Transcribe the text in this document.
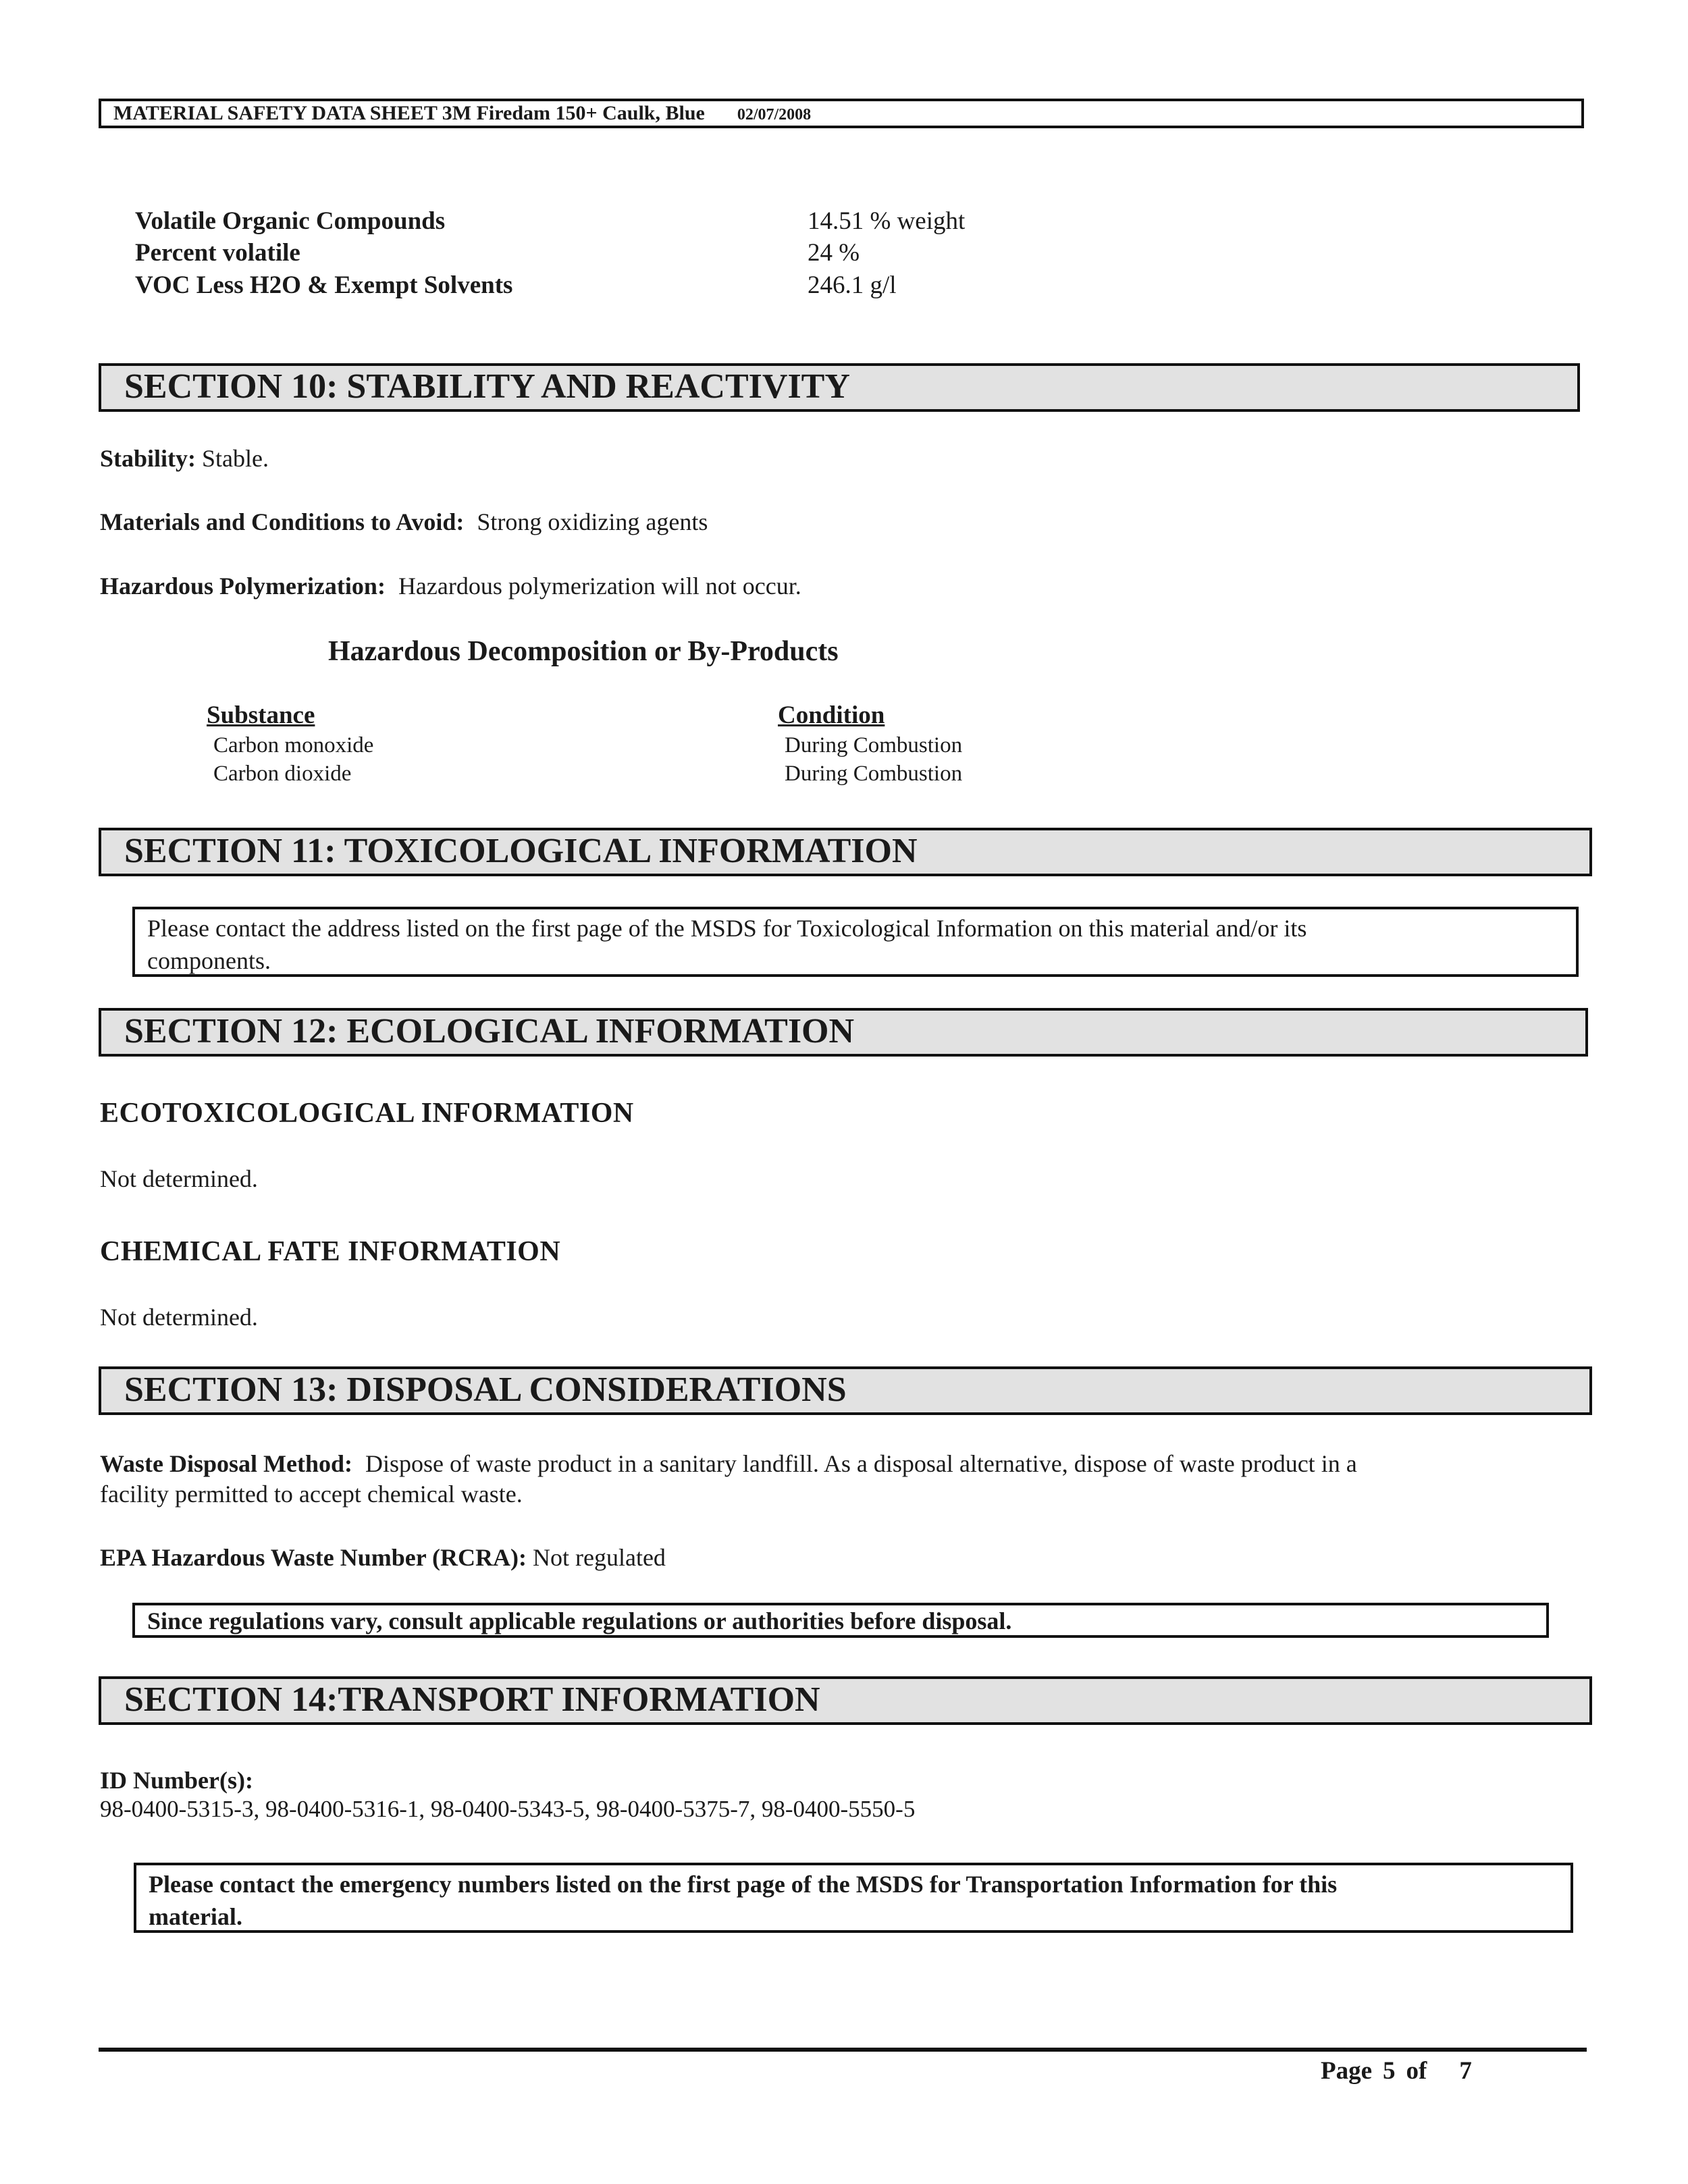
MATERIAL SAFETY DATA SHEET 3M Firedam 150+ Caulk, Blue 02/07/2008
Volatile Organic Compounds	14.51 % weight
Percent volatile	24 %
VOC Less H2O & Exempt Solvents	246.1 g/l
SECTION 10: STABILITY AND REACTIVITY
Stability: Stable.
Materials and Conditions to Avoid: Strong oxidizing agents
Hazardous Polymerization: Hazardous polymerization will not occur.
Hazardous Decomposition or By-Products
Substance	Condition
Carbon monoxide	During Combustion
Carbon dioxide	During Combustion
SECTION 11: TOXICOLOGICAL INFORMATION
Please contact the address listed on the first page of the MSDS for Toxicological Information on this material and/or its
components.
SECTION 12: ECOLOGICAL INFORMATION
ECOTOXICOLOGICAL INFORMATION
Not determined.
CHEMICAL FATE INFORMATION
Not determined.
SECTION 13: DISPOSAL CONSIDERATIONS
Waste Disposal Method: Dispose of waste product in a sanitary landfill. As a disposal alternative, dispose of waste product in a
facility permitted to accept chemical waste.
EPA Hazardous Waste Number (RCRA): Not regulated
Since regulations vary, consult applicable regulations or authorities before disposal.
SECTION 14:TRANSPORT INFORMATION
ID Number(s):
98-0400-5315-3, 98-0400-5316-1, 98-0400-5343-5, 98-0400-5375-7, 98-0400-5550-5
Please contact the emergency numbers listed on the first page of the MSDS for Transportation Information for this
material.
Page 5 of 7
